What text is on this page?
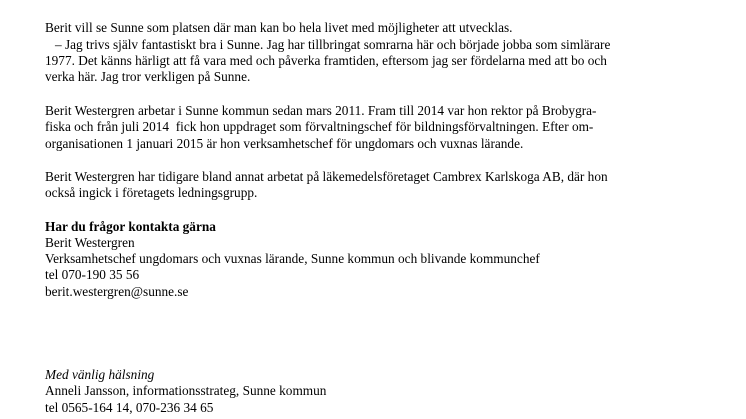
Berit vill se Sunne som platsen där man kan bo hela livet med möjligheter att utvecklas.
– Jag trivs själv fantastiskt bra i Sunne. Jag har tillbringat somrarna här och började jobba som simlärare
1977. Det känns härligt att få vara med och påverka framtiden, eftersom jag ser fördelarna med att bo och
verka här. Jag tror verkligen på Sunne.
Berit Westergren arbetar i Sunne kommun sedan mars 2011. Fram till 2014 var hon rektor på Brobygra-
fiska och från juli 2014  fick hon uppdraget som förvaltningschef för bildningsförvaltningen. Efter om-
organisationen 1 januari 2015 är hon verksamhetschef för ungdomars och vuxnas lärande.
Berit Westergren har tidigare bland annat arbetat på läkemedelsföretaget Cambrex Karlskoga AB, där hon
också ingick i företagets ledningsgrupp.
Har du frågor kontakta gärna
Berit Westergren
Verksamhetschef ungdomars och vuxnas lärande, Sunne kommun och blivande kommunchef
tel 070-190 35 56
berit.westergren@sunne.se
Med vänlig hälsning
Anneli Jansson, informationsstrateg, Sunne kommun
tel 0565-164 14, 070-236 34 65
